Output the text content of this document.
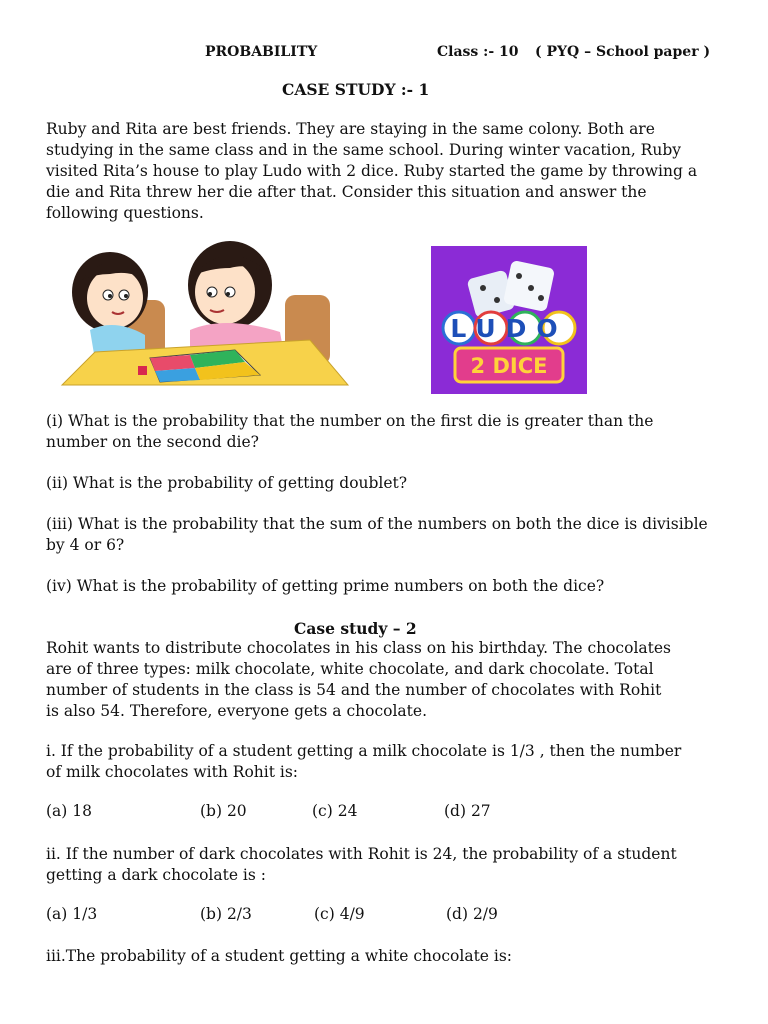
PROBABILITY	Class :- 10 ( PYQ – School paper )
CASE STUDY :- 1
Ruby and Rita are best friends. They are staying in the same colony. Both are
studying in the same class and in the same school. During winter vacation, Ruby
visited Rita’s house to play Ludo with 2 dice. Ruby started the game by throwing a
die and Rita threw her die after that. Consider this situation and answer the
following questions.
LUDO
2 DICE
(i) What is the probability that the number on the first die is greater than the
number on the second die?
(ii) What is the probability of getting doublet?
(iii) What is the probability that the sum of the numbers on both the dice is divisible
by 4 or 6?
(iv) What is the probability of getting prime numbers on both the dice?
Case study – 2
Rohit wants to distribute chocolates in his class on his birthday. The chocolates
are of three types: milk chocolate, white chocolate, and dark chocolate. Total
number of students in the class is 54 and the number of chocolates with Rohit
is also 54. Therefore, everyone gets a chocolate.
i. If the probability of a student getting a milk chocolate is 1/3 , then the number
of milk chocolates with Rohit is:
(a) 18	(b) 20	(c) 24	(d) 27
ii. If the number of dark chocolates with Rohit is 24, the probability of a student
getting a dark chocolate is :
(a) 1/3	(b) 2/3	(c) 4/9	(d) 2/9
iii.The probability of a student getting a white chocolate is:
